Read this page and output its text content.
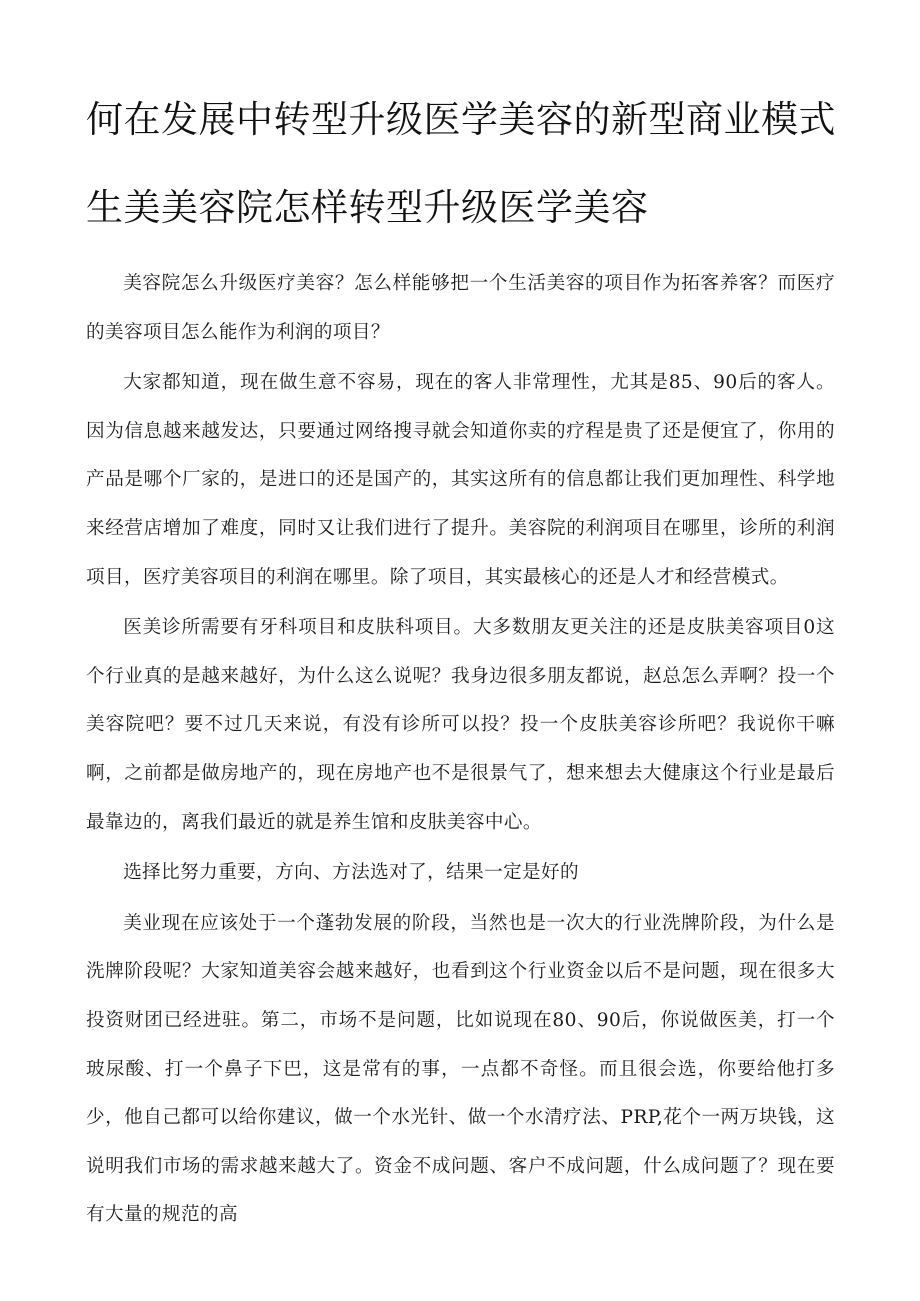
何在发展中转型升级医学美容的新型商业模式
生美美容院怎样转型升级医学美容

美容院怎么升级医疗美容？怎么样能够把一个生活美容的项目作为拓客养客？而医疗的美容项目怎么能作为利润的项目？

大家都知道，现在做生意不容易，现在的客人非常理性，尤其是85、90后的客人。因为信息越来越发达，只要通过网络搜寻就会知道你卖的疗程是贵了还是便宜了，你用的产品是哪个厂家的，是进口的还是国产的，其实这所有的信息都让我们更加理性、科学地来经营店增加了难度，同时又让我们进行了提升。美容院的利润项目在哪里，诊所的利润项目，医疗美容项目的利润在哪里。除了项目，其实最核心的还是人才和经营模式。

医美诊所需要有牙科项目和皮肤科项目。大多数朋友更关注的还是皮肤美容项目0这个行业真的是越来越好，为什么这么说呢？我身边很多朋友都说，赵总怎么弄啊？投一个美容院吧？要不过几天来说，有没有诊所可以投？投一个皮肤美容诊所吧？我说你干嘛啊，之前都是做房地产的，现在房地产也不是很景气了，想来想去大健康这个行业是最后最靠边的，离我们最近的就是养生馆和皮肤美容中心。

选择比努力重要，方向、方法选对了，结果一定是好的

美业现在应该处于一个蓬勃发展的阶段，当然也是一次大的行业洗牌阶段，为什么是洗牌阶段呢？大家知道美容会越来越好，也看到这个行业资金以后不是问题，现在很多大投资财团已经进驻。第二，市场不是问题，比如说现在80、90后，你说做医美，打一个玻尿酸、打一个鼻子下巴，这是常有的事，一点都不奇怪。而且很会选，你要给他打多少，他自己都可以给你建议，做一个水光针、做一个水清疗法、PRP,花个一两万块钱，这说明我们市场的需求越来越大了。资金不成问题、客户不成问题，什么成问题了？现在要有大量的规范的高
